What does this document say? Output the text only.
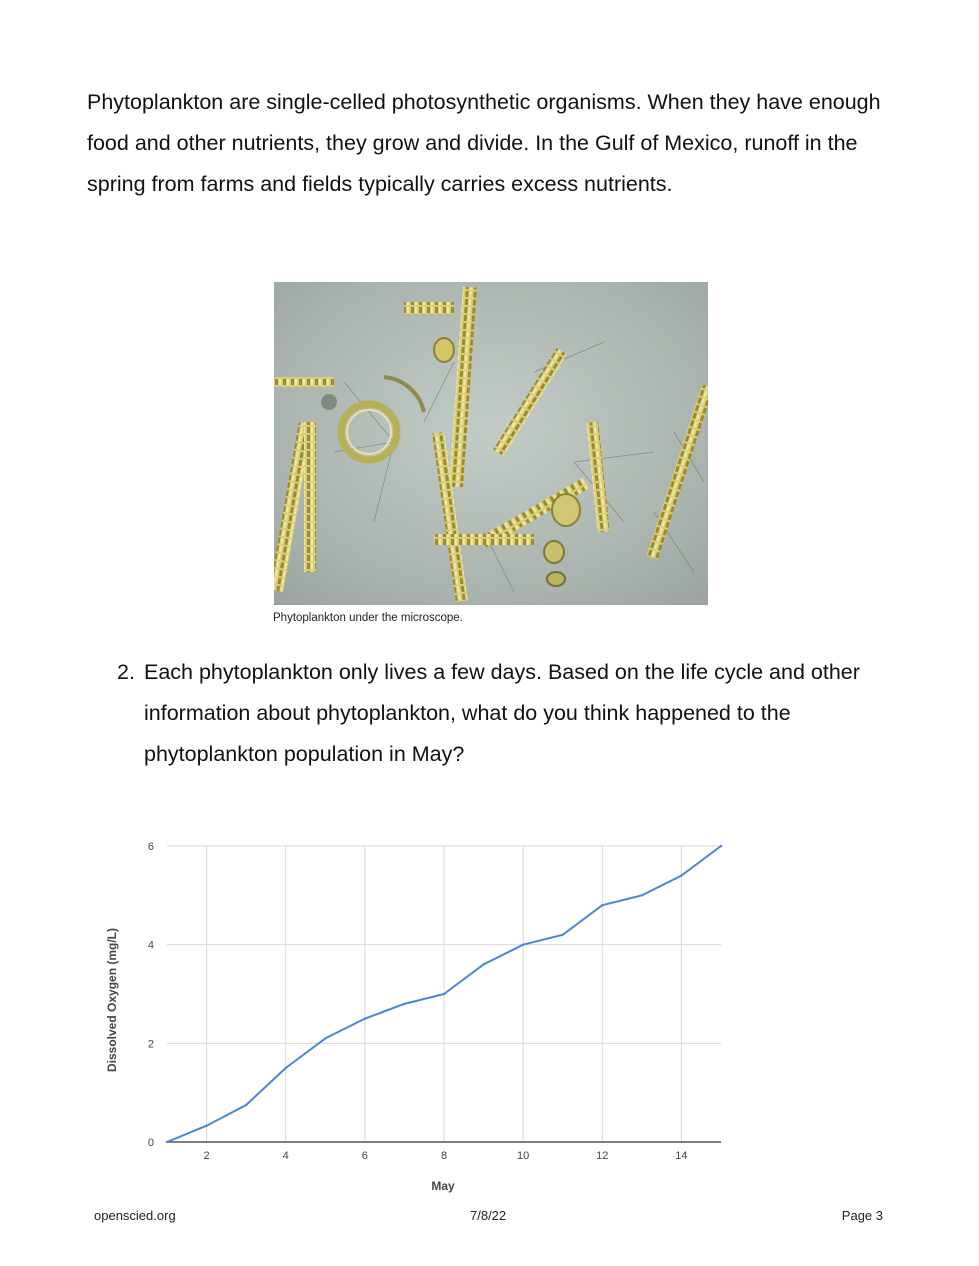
Phytoplankton are single-celled photosynthetic organisms. When they have enough food and other nutrients, they grow and divide. In the Gulf of Mexico, runoff in the spring from farms and fields typically carries excess nutrients.

Phytoplankton under the microscope.
2. Each phytoplankton only lives a few days. Based on the life cycle and other information about phytoplankton, what do you think happened to the phytoplankton population in May?
0
2
4
6
2	4	6	8	10	12	14
May
Dissolved Oxygen (mg/L)
openscied.org	7/8/22	Page 3
